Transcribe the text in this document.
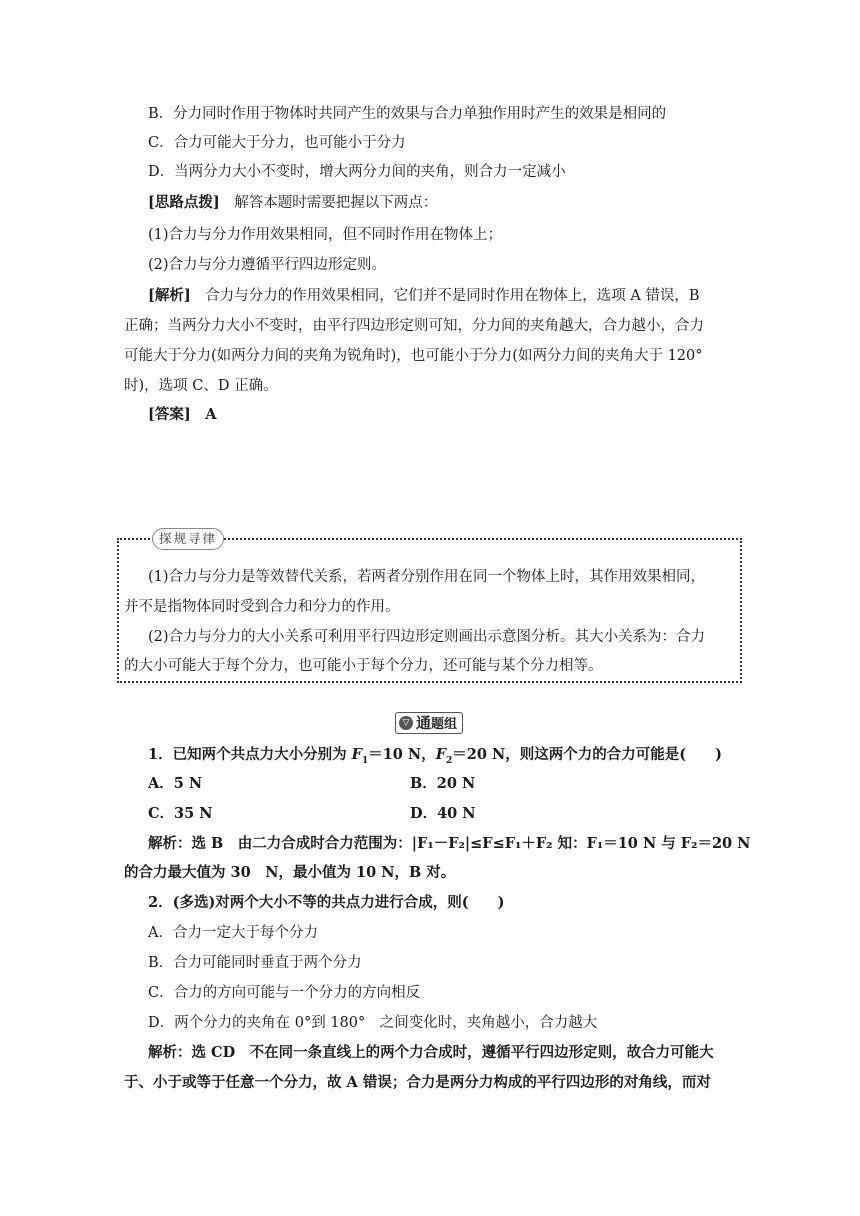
B．分力同时作用于物体时共同产生的效果与合力单独作用时产生的效果是相同的
C．合力可能大于分力，也可能小于分力
D．当两分力大小不变时，增大两分力间的夹角，则合力一定减小
[思路点拨]　 解答本题时需要把握以下两点：
(1)合力与分力作用效果相同，但不同时作用在物体上；
(2)合力与分力遵循平行四边形定则。
[解析]　 合力与分力的作用效果相同，它们并不是同时作用在物体上，选项 A 错误，B
正确；当两分力大小不变时，由平行四边形定则可知，分力间的夹角越大，合力越小，合力
可能大于分力(如两分力间的夹角为锐角时)，也可能小于分力(如两分力间的夹角大于 120°
时)，选项 C、D 正确。
[答案]　 A
探规寻律
(1)合力与分力是等效替代关系，若两者分别作用在同一个物体上时，其作用效果相同，
并不是指物体同时受到合力和分力的作用。
(2)合力与分力的大小关系可利用平行四边形定则画出示意图分析。其大小关系为：合力
的大小可能大于每个分力，也可能小于每个分力，还可能与某个分力相等。
▽ 通题组
1．已知两个共点力大小分别为 $F_1=10$ N，$F_2=20$ N，则这两个力的合力可能是(　　)
A．5 N	B．20 N
C．35 N	D．40 N
解析：选 B　由二力合成时合力范围为：|F₁－F₂|≤F≤F₁＋F₂ 知：F₁＝10 N 与 F₂＝20 N
的合力最大值为 30　N，最小值为 10 N，B 对。
2．(多选)对两个大小不等的共点力进行合成，则(　　)
A．合力一定大于每个分力
B．合力可能同时垂直于两个分力
C．合力的方向可能与一个分力的方向相反
D．两个分力的夹角在 0°到 180°　之间变化时，夹角越小，合力越大
解析：选 CD　不在同一条直线上的两个力合成时，遵循平行四边形定则，故合力可能大
于、小于或等于任意一个分力，故 A 错误；合力是两分力构成的平行四边形的对角线，而对
